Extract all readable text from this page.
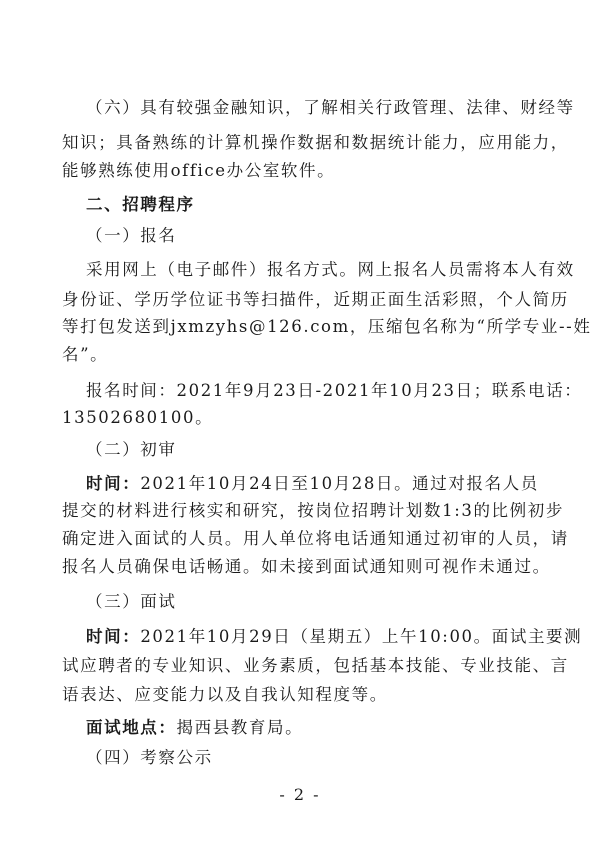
（六）具有较强金融知识，了解相关行政管理、法律、财经等
知识；具备熟练的计算机操作数据和数据统计能力，应用能力，
能够熟练使用office办公室软件。
二、招聘程序
（一）报名
采用网上（电子邮件）报名方式。网上报名人员需将本人有效
身份证、学历学位证书等扫描件，近期正面生活彩照，个人简历
等打包发送到jxmzyhs@126.com，压缩包名称为“所学专业--姓
名”。
报名时间：2021年9月23日-2021年10月23日；联系电话：
13502680100。
（二）初审
时间：2021年10月24日至10月28日。通过对报名人员
提交的材料进行核实和研究，按岗位招聘计划数1:3的比例初步
确定进入面试的人员。用人单位将电话通知通过初审的人员，请
报名人员确保电话畅通。如未接到面试通知则可视作未通过。
（三）面试
时间：2021年10月29日（星期五）上午10:00。面试主要测
试应聘者的专业知识、业务素质，包括基本技能、专业技能、言
语表达、应变能力以及自我认知程度等。
面试地点：揭西县教育局。
（四）考察公示
- 2 -
